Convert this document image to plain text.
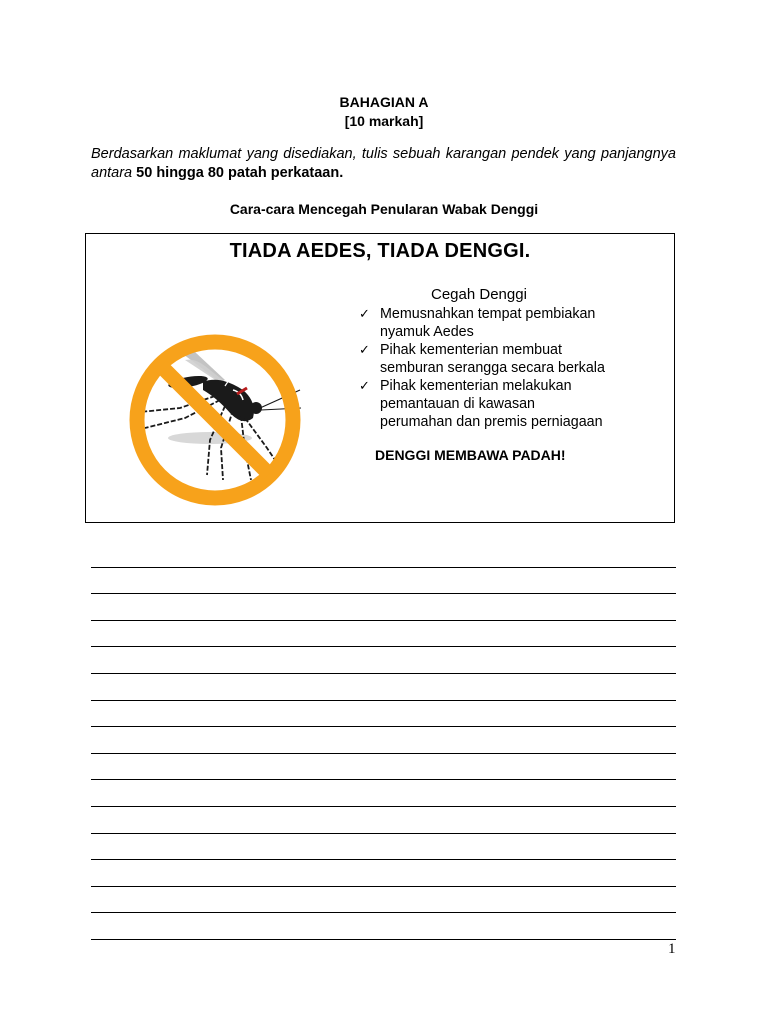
BAHAGIAN A
[10 markah]
Berdasarkan maklumat yang disediakan, tulis sebuah karangan pendek yang panjangnya antara 50 hingga 80 patah perkataan.
Cara-cara Mencegah Penularan Wabak Denggi
TIADA AEDES, TIADA DENGGI.
Cegah Denggi
✓ Memusnahkan tempat pembiakan
nyamuk Aedes
✓ Pihak kementerian membuat
semburan serangga secara berkala
✓ Pihak kementerian melakukan
pemantauan di kawasan
perumahan dan premis perniagaan
DENGGI MEMBAWA PADAH!
1
